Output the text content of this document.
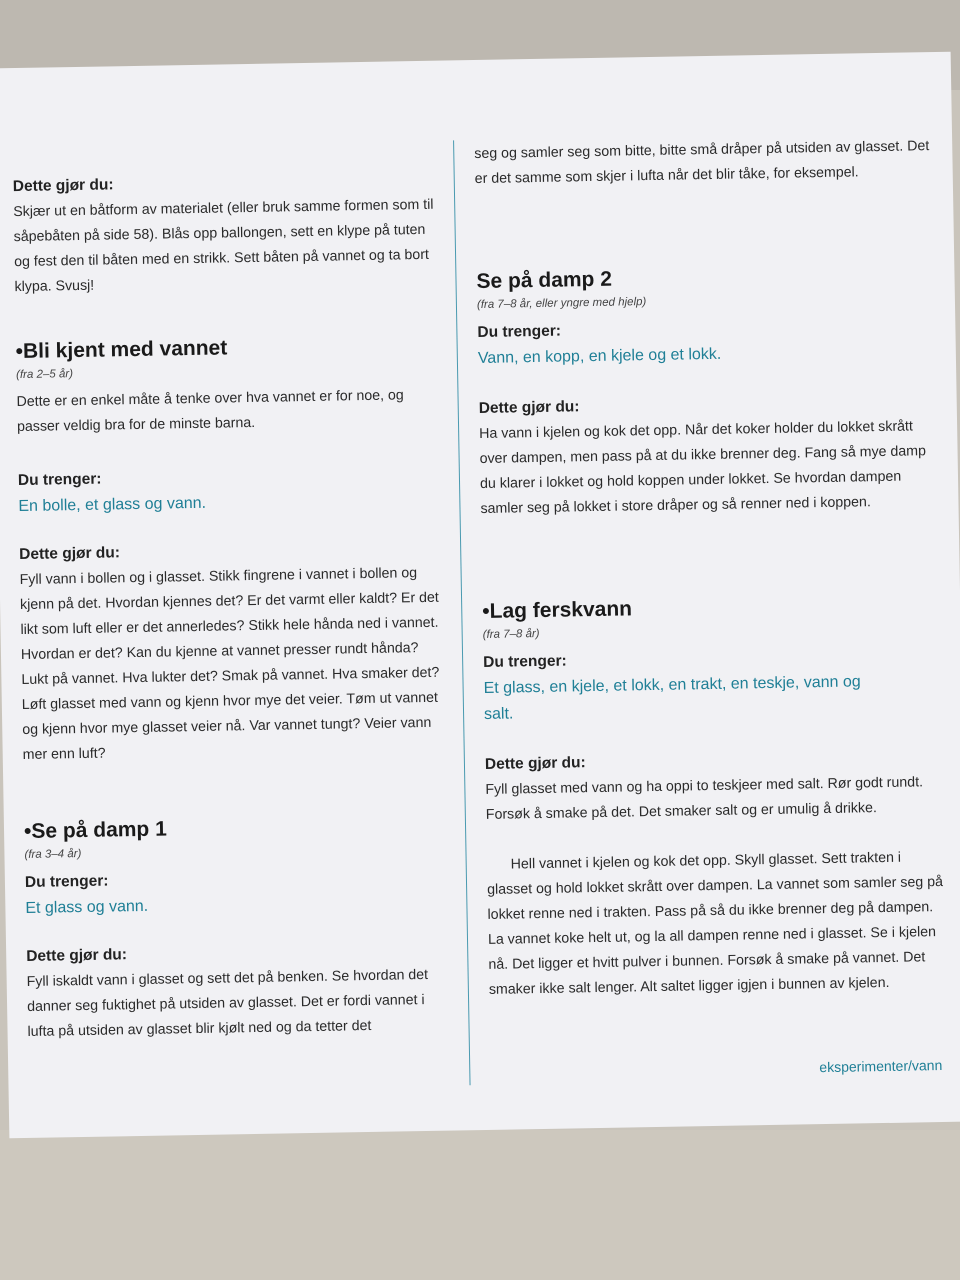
Dette gjør du:

Skjær ut en båtform av materialet (eller bruk samme formen som til såpebåten på side 58). Blås opp ballongen, sett en klype på tuten og fest den til båten med en strikk. Sett båten på vannet og ta bort klypa. Svusj!

•Bli kjent med vannet

(fra 2–5 år)

Dette er en enkel måte å tenke over hva vannet er for noe, og passer veldig bra for de minste barna.

Du trenger:

En bolle, et glass og vann.

Dette gjør du:

Fyll vann i bollen og i glasset. Stikk fingrene i vannet i bollen og kjenn på det. Hvordan kjennes det? Er det varmt eller kaldt? Er det likt som luft eller er det annerledes? Stikk hele hånda ned i vannet. Hvordan er det? Kan du kjenne at vannet presser rundt hånda? Lukt på vannet. Hva lukter det? Smak på vannet. Hva smaker det? Løft glasset med vann og kjenn hvor mye det veier. Tøm ut vannet og kjenn hvor mye glasset veier nå. Var vannet tungt? Veier vann mer enn luft?

•Se på damp 1

(fra 3–4 år)

Du trenger:

Et glass og vann.

Dette gjør du:

Fyll iskaldt vann i glasset og sett det på benken. Se hvordan det danner seg fuktighet på utsiden av glasset. Det er fordi vannet i lufta på utsiden av glasset blir kjølt ned og da tetter det

seg og samler seg som bitte, bitte små dråper på utsiden av glasset. Det er det samme som skjer i lufta når det blir tåke, for eksempel.

Se på damp 2

(fra 7–8 år, eller yngre med hjelp)

Du trenger:

Vann, en kopp, en kjele og et lokk.

Dette gjør du:

Ha vann i kjelen og kok det opp. Når det koker holder du lokket skrått over dampen, men pass på at du ikke brenner deg. Fang så mye damp du klarer i lokket og hold koppen under lokket. Se hvordan dampen samler seg på lokket i store dråper og så renner ned i koppen.

•Lag ferskvann

(fra 7–8 år)

Du trenger:

Et glass, en kjele, et lokk, en trakt, en teskje, vann og salt.

Dette gjør du:

Fyll glasset med vann og ha oppi to teskjeer med salt. Rør godt rundt. Forsøk å smake på det. Det smaker salt og er umulig å drikke.

Hell vannet i kjelen og kok det opp. Skyll glasset. Sett trakten i glasset og hold lokket skrått over dampen. La vannet som samler seg på lokket renne ned i trakten. Pass på så du ikke brenner deg på dampen. La vannet koke helt ut, og la all dampen renne ned i glasset. Se i kjelen nå. Det ligger et hvitt pulver i bunnen. Forsøk å smake på vannet. Det smaker ikke salt lenger. Alt saltet ligger igjen i bunnen av kjelen.

eksperimenter/vann
